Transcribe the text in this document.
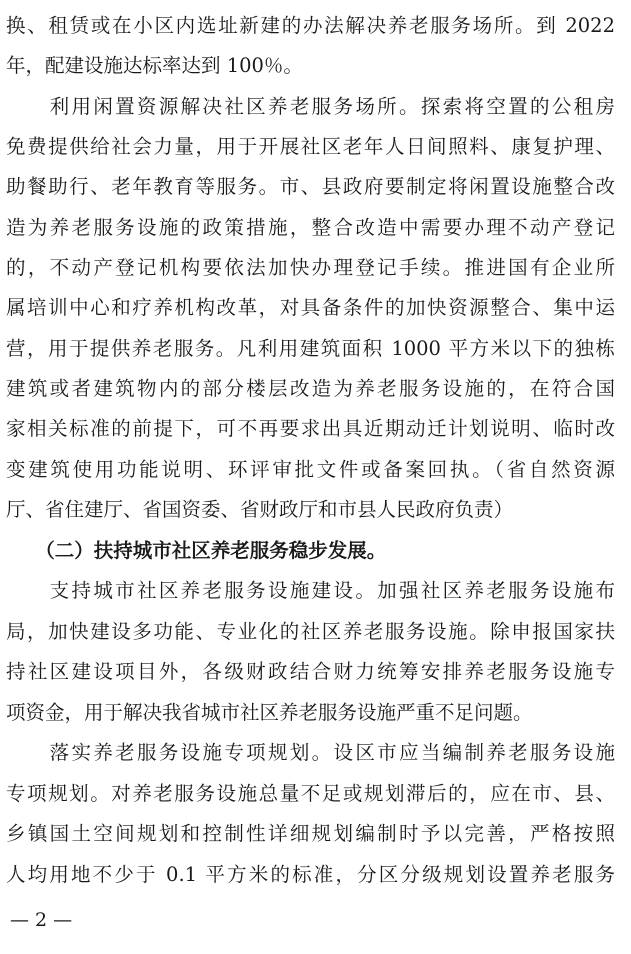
换、租赁或在小区内选址新建的办法解决养老服务场所。到 2022
年，配建设施达标率达到 100％。
　　利用闲置资源解决社区养老服务场所。探索将空置的公租房
免费提供给社会力量，用于开展社区老年人日间照料、康复护理、
助餐助行、老年教育等服务。市、县政府要制定将闲置设施整合改
造为养老服务设施的政策措施，整合改造中需要办理不动产登记
的，不动产登记机构要依法加快办理登记手续。推进国有企业所
属培训中心和疗养机构改革，对具备条件的加快资源整合、集中运
营，用于提供养老服务。凡利用建筑面积 1000 平方米以下的独栋
建筑或者建筑物内的部分楼层改造为养老服务设施的，在符合国
家相关标准的前提下，可不再要求出具近期动迁计划说明、临时改
变建筑使用功能说明、环评审批文件或备案回执。（省自然资源
厅、省住建厅、省国资委、省财政厅和市县人民政府负责）
　　（二）扶持城市社区养老服务稳步发展。
　　支持城市社区养老服务设施建设。加强社区养老服务设施布
局，加快建设多功能、专业化的社区养老服务设施。除申报国家扶
持社区建设项目外，各级财政结合财力统筹安排养老服务设施专
项资金，用于解决我省城市社区养老服务设施严重不足问题。
　　落实养老服务设施专项规划。设区市应当编制养老服务设施
专项规划。对养老服务设施总量不足或规划滞后的，应在市、县、
乡镇国土空间规划和控制性详细规划编制时予以完善，严格按照
人均用地不少于 0.1 平方米的标准，分区分级规划设置养老服务
— 2 —
